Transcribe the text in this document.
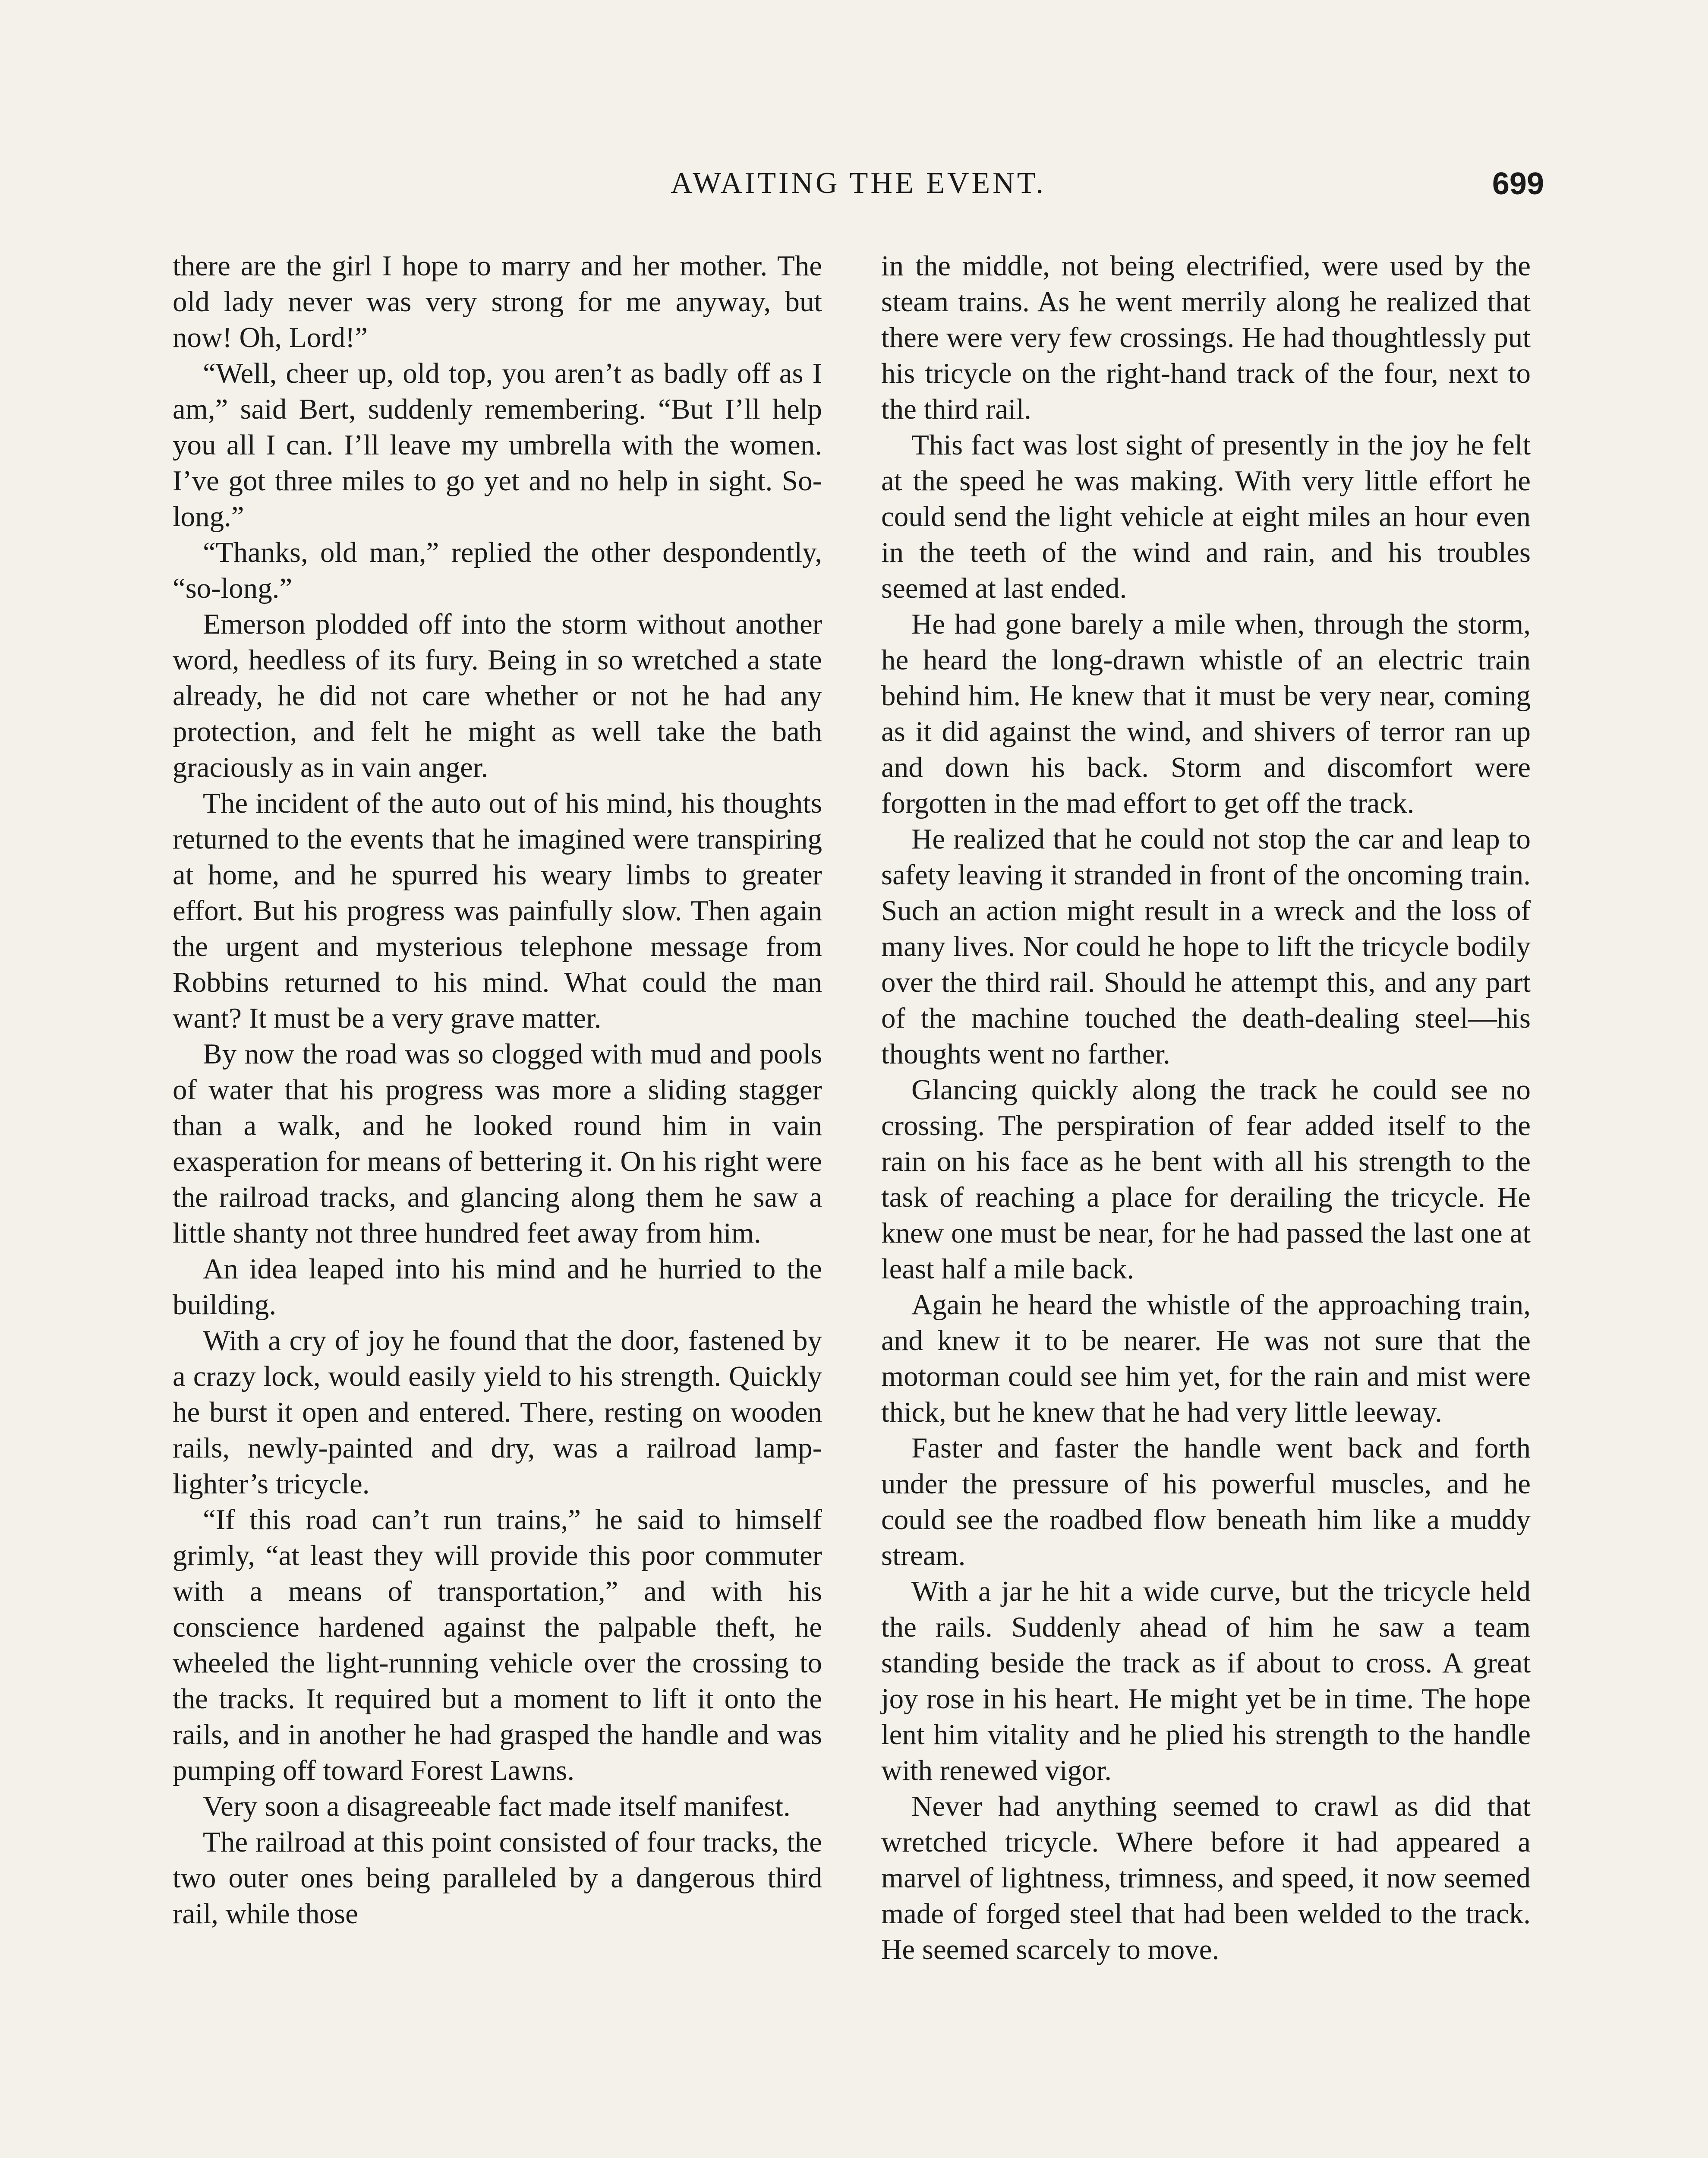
AWAITING THE EVENT.	699

there are the girl I hope to marry and her mother. The old lady never was very strong for me anyway, but now! Oh, Lord!”

“Well, cheer up, old top, you aren’t as badly off as I am,” said Bert, suddenly remembering. “But I’ll help you all I can. I’ll leave my umbrella with the women. I’ve got three miles to go yet and no help in sight. So-long.”

“Thanks, old man,” replied the other despondently, “so-long.”

Emerson plodded off into the storm without another word, heedless of its fury. Being in so wretched a state already, he did not care whether or not he had any protection, and felt he might as well take the bath graciously as in vain anger.

The incident of the auto out of his mind, his thoughts returned to the events that he imagined were transpiring at home, and he spurred his weary limbs to greater effort. But his progress was painfully slow. Then again the urgent and mysterious telephone message from Robbins returned to his mind. What could the man want? It must be a very grave matter.

By now the road was so clogged with mud and pools of water that his progress was more a sliding stagger than a walk, and he looked round him in vain exasperation for means of bettering it. On his right were the railroad tracks, and glancing along them he saw a little shanty not three hundred feet away from him.

An idea leaped into his mind and he hurried to the building.

With a cry of joy he found that the door, fastened by a crazy lock, would easily yield to his strength. Quickly he burst it open and entered. There, resting on wooden rails, newly-painted and dry, was a railroad lamp-lighter’s tricycle.

“If this road can’t run trains,” he said to himself grimly, “at least they will provide this poor commuter with a means of transportation,” and with his conscience hardened against the palpable theft, he wheeled the light-running vehicle over the crossing to the tracks. It required but a moment to lift it onto the rails, and in another he had grasped the handle and was pumping off toward Forest Lawns.

Very soon a disagreeable fact made itself manifest.

The railroad at this point consisted of four tracks, the two outer ones being paralleled by a dangerous third rail, while those

in the middle, not being electrified, were used by the steam trains. As he went merrily along he realized that there were very few crossings. He had thoughtlessly put his tricycle on the right-hand track of the four, next to the third rail.

This fact was lost sight of presently in the joy he felt at the speed he was making. With very little effort he could send the light vehicle at eight miles an hour even in the teeth of the wind and rain, and his troubles seemed at last ended.

He had gone barely a mile when, through the storm, he heard the long-drawn whistle of an electric train behind him. He knew that it must be very near, coming as it did against the wind, and shivers of terror ran up and down his back. Storm and discomfort were forgotten in the mad effort to get off the track.

He realized that he could not stop the car and leap to safety leaving it stranded in front of the oncoming train. Such an action might result in a wreck and the loss of many lives. Nor could he hope to lift the tricycle bodily over the third rail. Should he attempt this, and any part of the machine touched the death-dealing steel—his thoughts went no farther.

Glancing quickly along the track he could see no crossing. The perspiration of fear added itself to the rain on his face as he bent with all his strength to the task of reaching a place for derailing the tricycle. He knew one must be near, for he had passed the last one at least half a mile back.

Again he heard the whistle of the approaching train, and knew it to be nearer. He was not sure that the motorman could see him yet, for the rain and mist were thick, but he knew that he had very little leeway.

Faster and faster the handle went back and forth under the pressure of his powerful muscles, and he could see the roadbed flow beneath him like a muddy stream.

With a jar he hit a wide curve, but the tricycle held the rails. Suddenly ahead of him he saw a team standing beside the track as if about to cross. A great joy rose in his heart. He might yet be in time. The hope lent him vitality and he plied his strength to the handle with renewed vigor.

Never had anything seemed to crawl as did that wretched tricycle. Where before it had appeared a marvel of lightness, trimness, and speed, it now seemed made of forged steel that had been welded to the track. He seemed scarcely to move.
